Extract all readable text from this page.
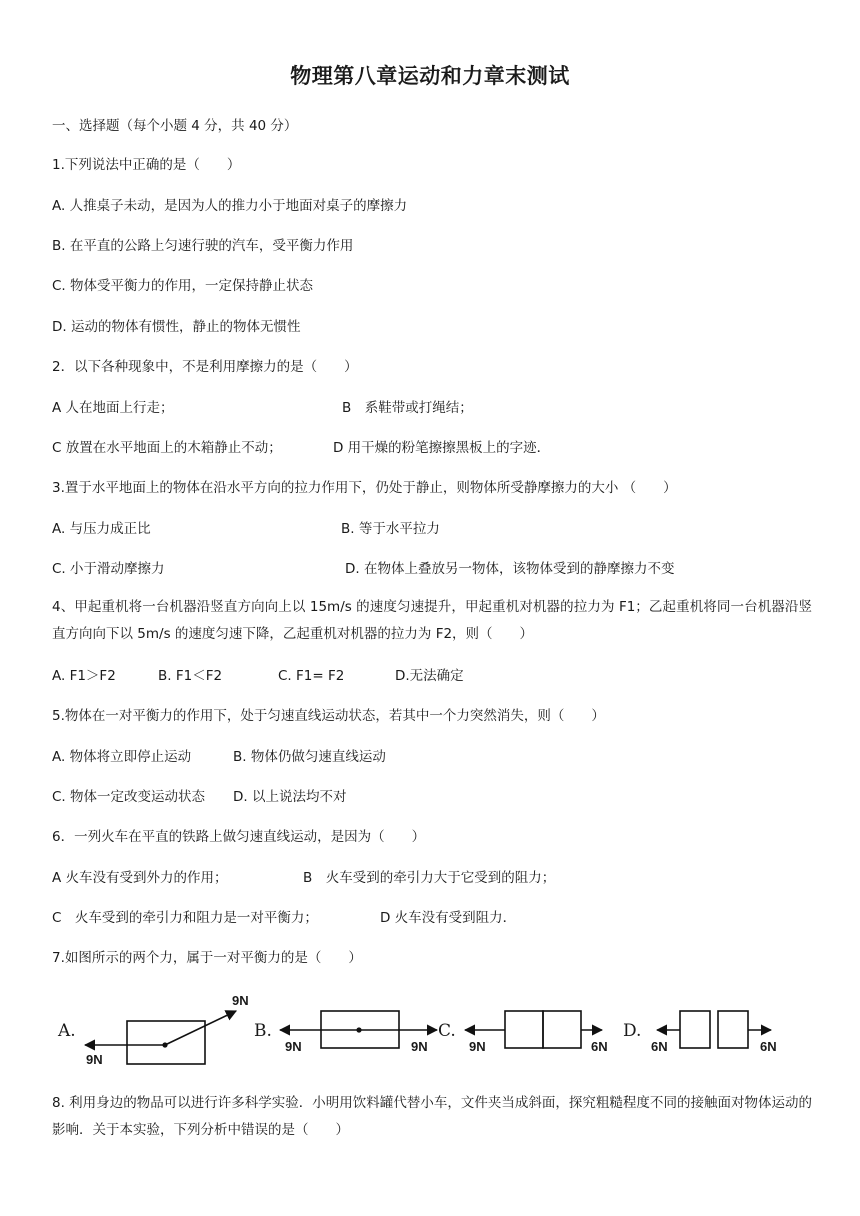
物理第八章运动和力章末测试
一、选择题（每个小题 4 分，共 40 分）
1.下列说法中正确的是（　　）
A. 人推桌子未动，是因为人的推力小于地面对桌子的摩擦力
B. 在平直的公路上匀速行驶的汽车，受平衡力作用
C. 物体受平衡力的作用，一定保持静止状态
D. 运动的物体有惯性，静止的物体无惯性
2．以下各种现象中，不是利用摩擦力的是（　　）
A 人在地面上行走；	B　系鞋带或打绳结；
C 放置在水平地面上的木箱静止不动；	D 用干燥的粉笔擦擦黑板上的字迹．
3.置于水平地面上的物体在沿水平方向的拉力作用下，仍处于静止，则物体所受静摩擦力的大小 （　　）
A. 与压力成正比	B. 等于水平拉力
C. 小于滑动摩擦力	D. 在物体上叠放另一物体，该物体受到的静摩擦力不变
4、甲起重机将一台机器沿竖直方向向上以 15m/s 的速度匀速提升，甲起重机对机器的拉力为 F1；乙起重机将同一台机器沿竖直方向向下以 5m/s 的速度匀速下降，乙起重机对机器的拉力为 F2，则（　　）
A. F1＞F2	B. F1＜F2	C. F1= F2	D.无法确定
5.物体在一对平衡力的作用下，处于匀速直线运动状态，若其中一个力突然消失，则（　　）
A. 物体将立即停止运动	B. 物体仍做匀速直线运动
C. 物体一定改变运动状态 D. 以上说法均不对
6．一列火车在平直的铁路上做匀速直线运动，是因为（　　）
A 火车没有受到外力的作用；	B　火车受到的牵引力大于它受到的阻力；
C　火车受到的牵引力和阻力是一对平衡力；	D 火车没有受到阻力．
7.如图所示的两个力，属于一对平衡力的是（　　）
A.
9N
9N
B.
9N	9N
C.
9N	6N
D.
6N	6N
8. 利用身边的物品可以进行许多科学实验．小明用饮料罐代替小车，文件夹当成斜面，探究粗糙程度不同的接触面对物体运动的影响．关于本实验，下列分析中错误的是（　　）
